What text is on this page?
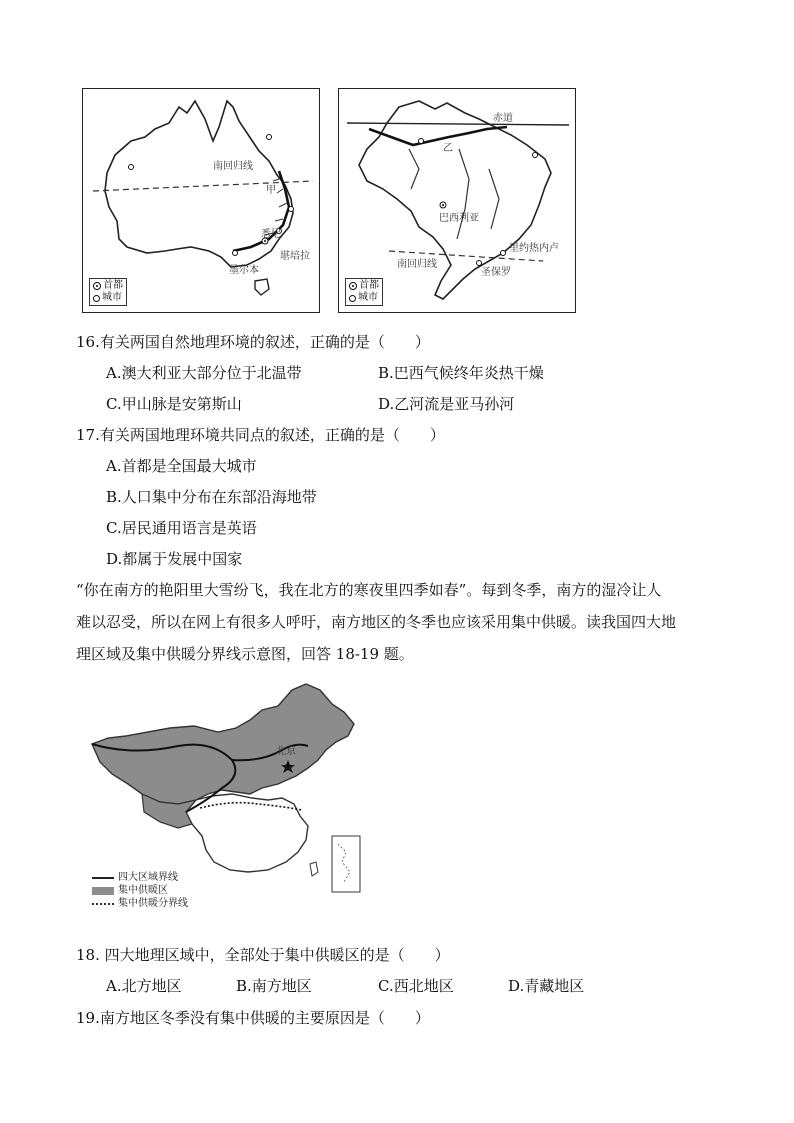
南回归线
甲
悉尼
堪培拉
墨尔本
首都
城市
赤道
乙
巴西利亚
里约热内卢
南回归线
圣保罗
首都
城市
16.有关两国自然地理环境的叙述，正确的是（　　）
A.澳大利亚大部分位于北温带	B.巴西气候终年炎热干燥
C.甲山脉是安第斯山	D.乙河流是亚马孙河
17.有关两国地理环境共同点的叙述，正确的是（　　）
A.首都是全国最大城市
B.人口集中分布在东部沿海地带
C.居民通用语言是英语
D.都属于发展中国家
“你在南方的艳阳里大雪纷飞，我在北方的寒夜里四季如春”。每到冬季，南方的湿冷让人
难以忍受，所以在网上有很多人呼吁，南方地区的冬季也应该采用集中供暖。读我国四大地
理区域及集中供暖分界线示意图，回答 18-19 题。
北京
四大区域界线
集中供暖区
集中供暖分界线
18. 四大地理区域中，全部处于集中供暖区的是（　　）
A.北方地区	B.南方地区	C.西北地区	D.青藏地区
19.南方地区冬季没有集中供暖的主要原因是（　　）
